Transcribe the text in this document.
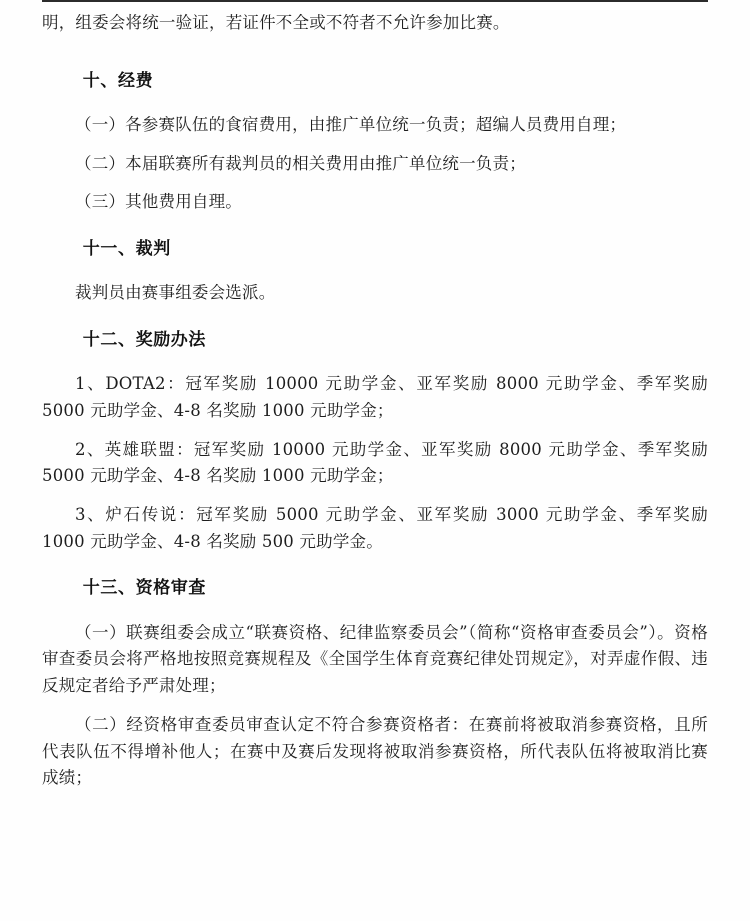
明，组委会将统一验证，若证件不全或不符者不允许参加比赛。

十、经费

（一）各参赛队伍的食宿费用，由推广单位统一负责；超编人员费用自理；

（二）本届联赛所有裁判员的相关费用由推广单位统一负责；

（三）其他费用自理。

十一、裁判

裁判员由赛事组委会选派。

十二、奖励办法

1、DOTA2：冠军奖励 10000 元助学金、亚军奖励 8000 元助学金、季军奖励 5000 元助学金、4-8 名奖励 1000 元助学金；

2、英雄联盟：冠军奖励 10000 元助学金、亚军奖励 8000 元助学金、季军奖励 5000 元助学金、4-8 名奖励 1000 元助学金；

3、炉石传说：冠军奖励 5000 元助学金、亚军奖励 3000 元助学金、季军奖励 1000 元助学金、4-8 名奖励 500 元助学金。

十三、资格审查

（一）联赛组委会成立“联赛资格、纪律监察委员会”（简称“资格审查委员会”）。资格审查委员会将严格地按照竞赛规程及《全国学生体育竞赛纪律处罚规定》，对弄虚作假、违反规定者给予严肃处理；

（二）经资格审查委员审查认定不符合参赛资格者：在赛前将被取消参赛资格，且所代表队伍不得增补他人；在赛中及赛后发现将被取消参赛资格，所代表队伍将被取消比赛成绩；
